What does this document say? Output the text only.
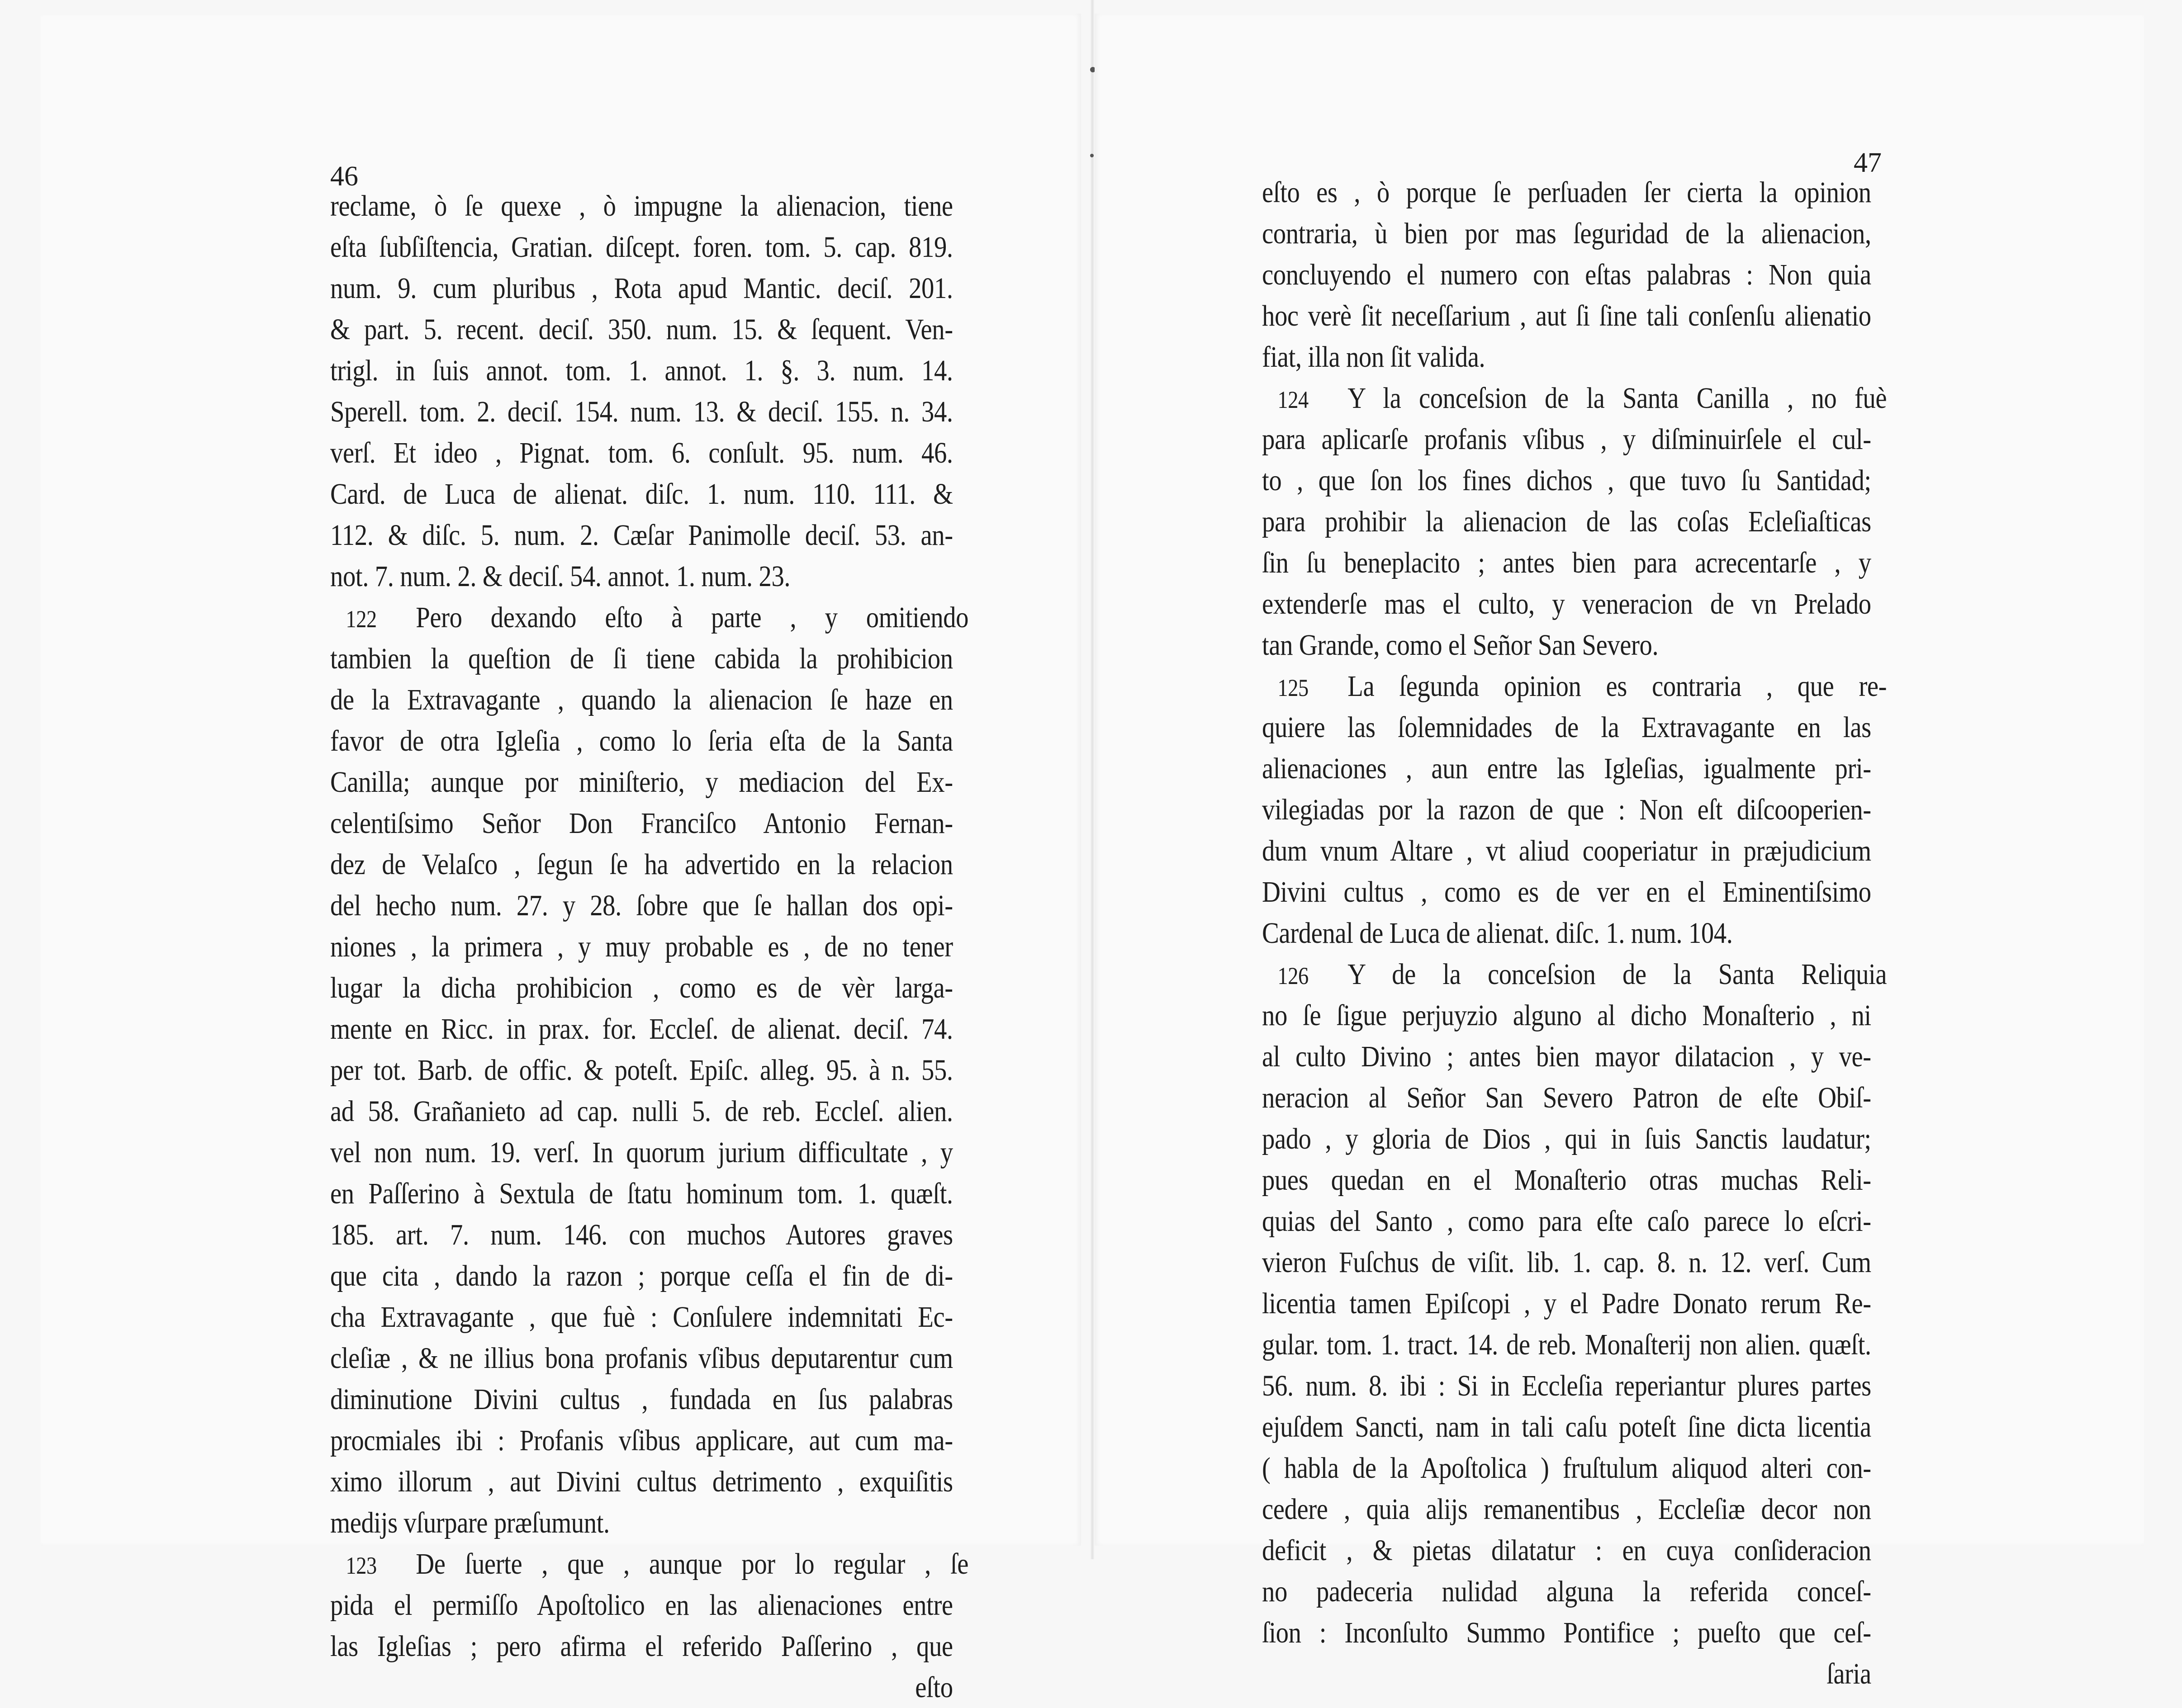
46
reclame, ò ſe quexe , ò impugne la alienacion, tiene
eſta ſubſiſtencia, Gratian. diſcept. foren. tom. 5. cap. 819.
num. 9. cum pluribus , Rota apud Mantic. deciſ. 201.
& part. 5. recent. deciſ. 350. num. 15. & ſequent. Ven-
trigl. in ſuis annot. tom. 1. annot. 1. §. 3. num. 14.
Sperell. tom. 2. deciſ. 154. num. 13. & deciſ. 155. n. 34.
verſ. Et ideo , Pignat. tom. 6. conſult. 95. num. 46.
Card. de Luca de alienat. diſc. 1. num. 110. 111. &
112. & diſc. 5. num. 2. Cæſar Panimolle deciſ. 53. an-
not. 7. num. 2. & deciſ. 54. annot. 1. num. 23.
122 Pero dexando eſto à parte , y omitiendo
tambien la queſtion de ſi tiene cabida la prohibicion
de la Extravagante , quando la alienacion ſe haze en
favor de otra Igleſia , como lo ſeria eſta de la Santa
Canilla; aunque por miniſterio, y mediacion del Ex-
celentiſsimo Señor Don Franciſco Antonio Fernan-
dez de Velaſco , ſegun ſe ha advertido en la relacion
del hecho num. 27. y 28. ſobre que ſe hallan dos opi-
niones , la primera , y muy probable es , de no tener
lugar la dicha prohibicion , como es de vèr larga-
mente en Ricc. in prax. for. Eccleſ. de alienat. deciſ. 74.
per tot. Barb. de offic. & poteſt. Epiſc. alleg. 95. à n. 55.
ad 58. Grañanieto ad cap. nulli 5. de reb. Eccleſ. alien.
vel non num. 19. verſ. In quorum jurium difficultate , y
en Paſſerino à Sextula de ſtatu hominum tom. 1. quæſt.
185. art. 7. num. 146. con muchos Autores graves
que cita , dando la razon ; porque ceſſa el fin de di-
cha Extravagante , que fuè : Conſulere indemnitati Ec-
cleſiæ , & ne illius bona profanis vſibus deputarentur cum
diminutione Divini cultus , fundada en ſus palabras
procmiales ibi : Profanis vſibus applicare, aut cum ma-
ximo illorum , aut Divini cultus detrimento , exquiſitis
medijs vſurpare præſumunt.
123 De ſuerte , que , aunque por lo regular , ſe
pida el permiſſo Apoſtolico en las alienaciones entre
las Igleſias ; pero afirma el referido Paſſerino , que
eſto
47
eſto es , ò porque ſe perſuaden ſer cierta la opinion
contraria, ù bien por mas ſeguridad de la alienacion,
concluyendo el numero con eſtas palabras : Non quia
hoc verè ſit neceſſarium , aut ſi ſine tali conſenſu alienatio
fiat, illa non ſit valida.
124 Y la conceſsion de la Santa Canilla , no fuè
para aplicarſe profanis vſibus , y diſminuirſele el cul-
to , que ſon los fines dichos , que tuvo ſu Santidad;
para prohibir la alienacion de las coſas Ecleſiaſticas
ſin ſu beneplacito ; antes bien para acrecentarſe , y
extenderſe mas el culto, y veneracion de vn Prelado
tan Grande, como el Señor San Severo.
125 La ſegunda opinion es contraria , que re-
quiere las ſolemnidades de la Extravagante en las
alienaciones , aun entre las Igleſias, igualmente pri-
vilegiadas por la razon de que : Non eſt diſcooperien-
dum vnum Altare , vt aliud cooperiatur in præjudicium
Divini cultus , como es de ver en el Eminentiſsimo
Cardenal de Luca de alienat. diſc. 1. num. 104.
126 Y de la conceſsion de la Santa Reliquia
no ſe ſigue perjuyzio alguno al dicho Monaſterio , ni
al culto Divino ; antes bien mayor dilatacion , y ve-
neracion al Señor San Severo Patron de eſte Obiſ-
pado , y gloria de Dios , qui in ſuis Sanctis laudatur;
pues quedan en el Monaſterio otras muchas Reli-
quias del Santo , como para eſte caſo parece lo eſcri-
vieron Fuſchus de viſit. lib. 1. cap. 8. n. 12. verſ. Cum
licentia tamen Epiſcopi , y el Padre Donato rerum Re-
gular. tom. 1. tract. 14. de reb. Monaſterij non alien. quæſt.
56. num. 8. ibi : Si in Eccleſia reperiantur plures partes
ejuſdem Sancti, nam in tali caſu poteſt ſine dicta licentia
( habla de la Apoſtolica ) fruſtulum aliquod alteri con-
cedere , quia alijs remanentibus , Eccleſiæ decor non
deficit , & pietas dilatatur : en cuya conſideracion
no padeceria nulidad alguna la referida conceſ-
ſion : Inconſulto Summo Pontifice ; pueſto que ceſ-
ſaria
